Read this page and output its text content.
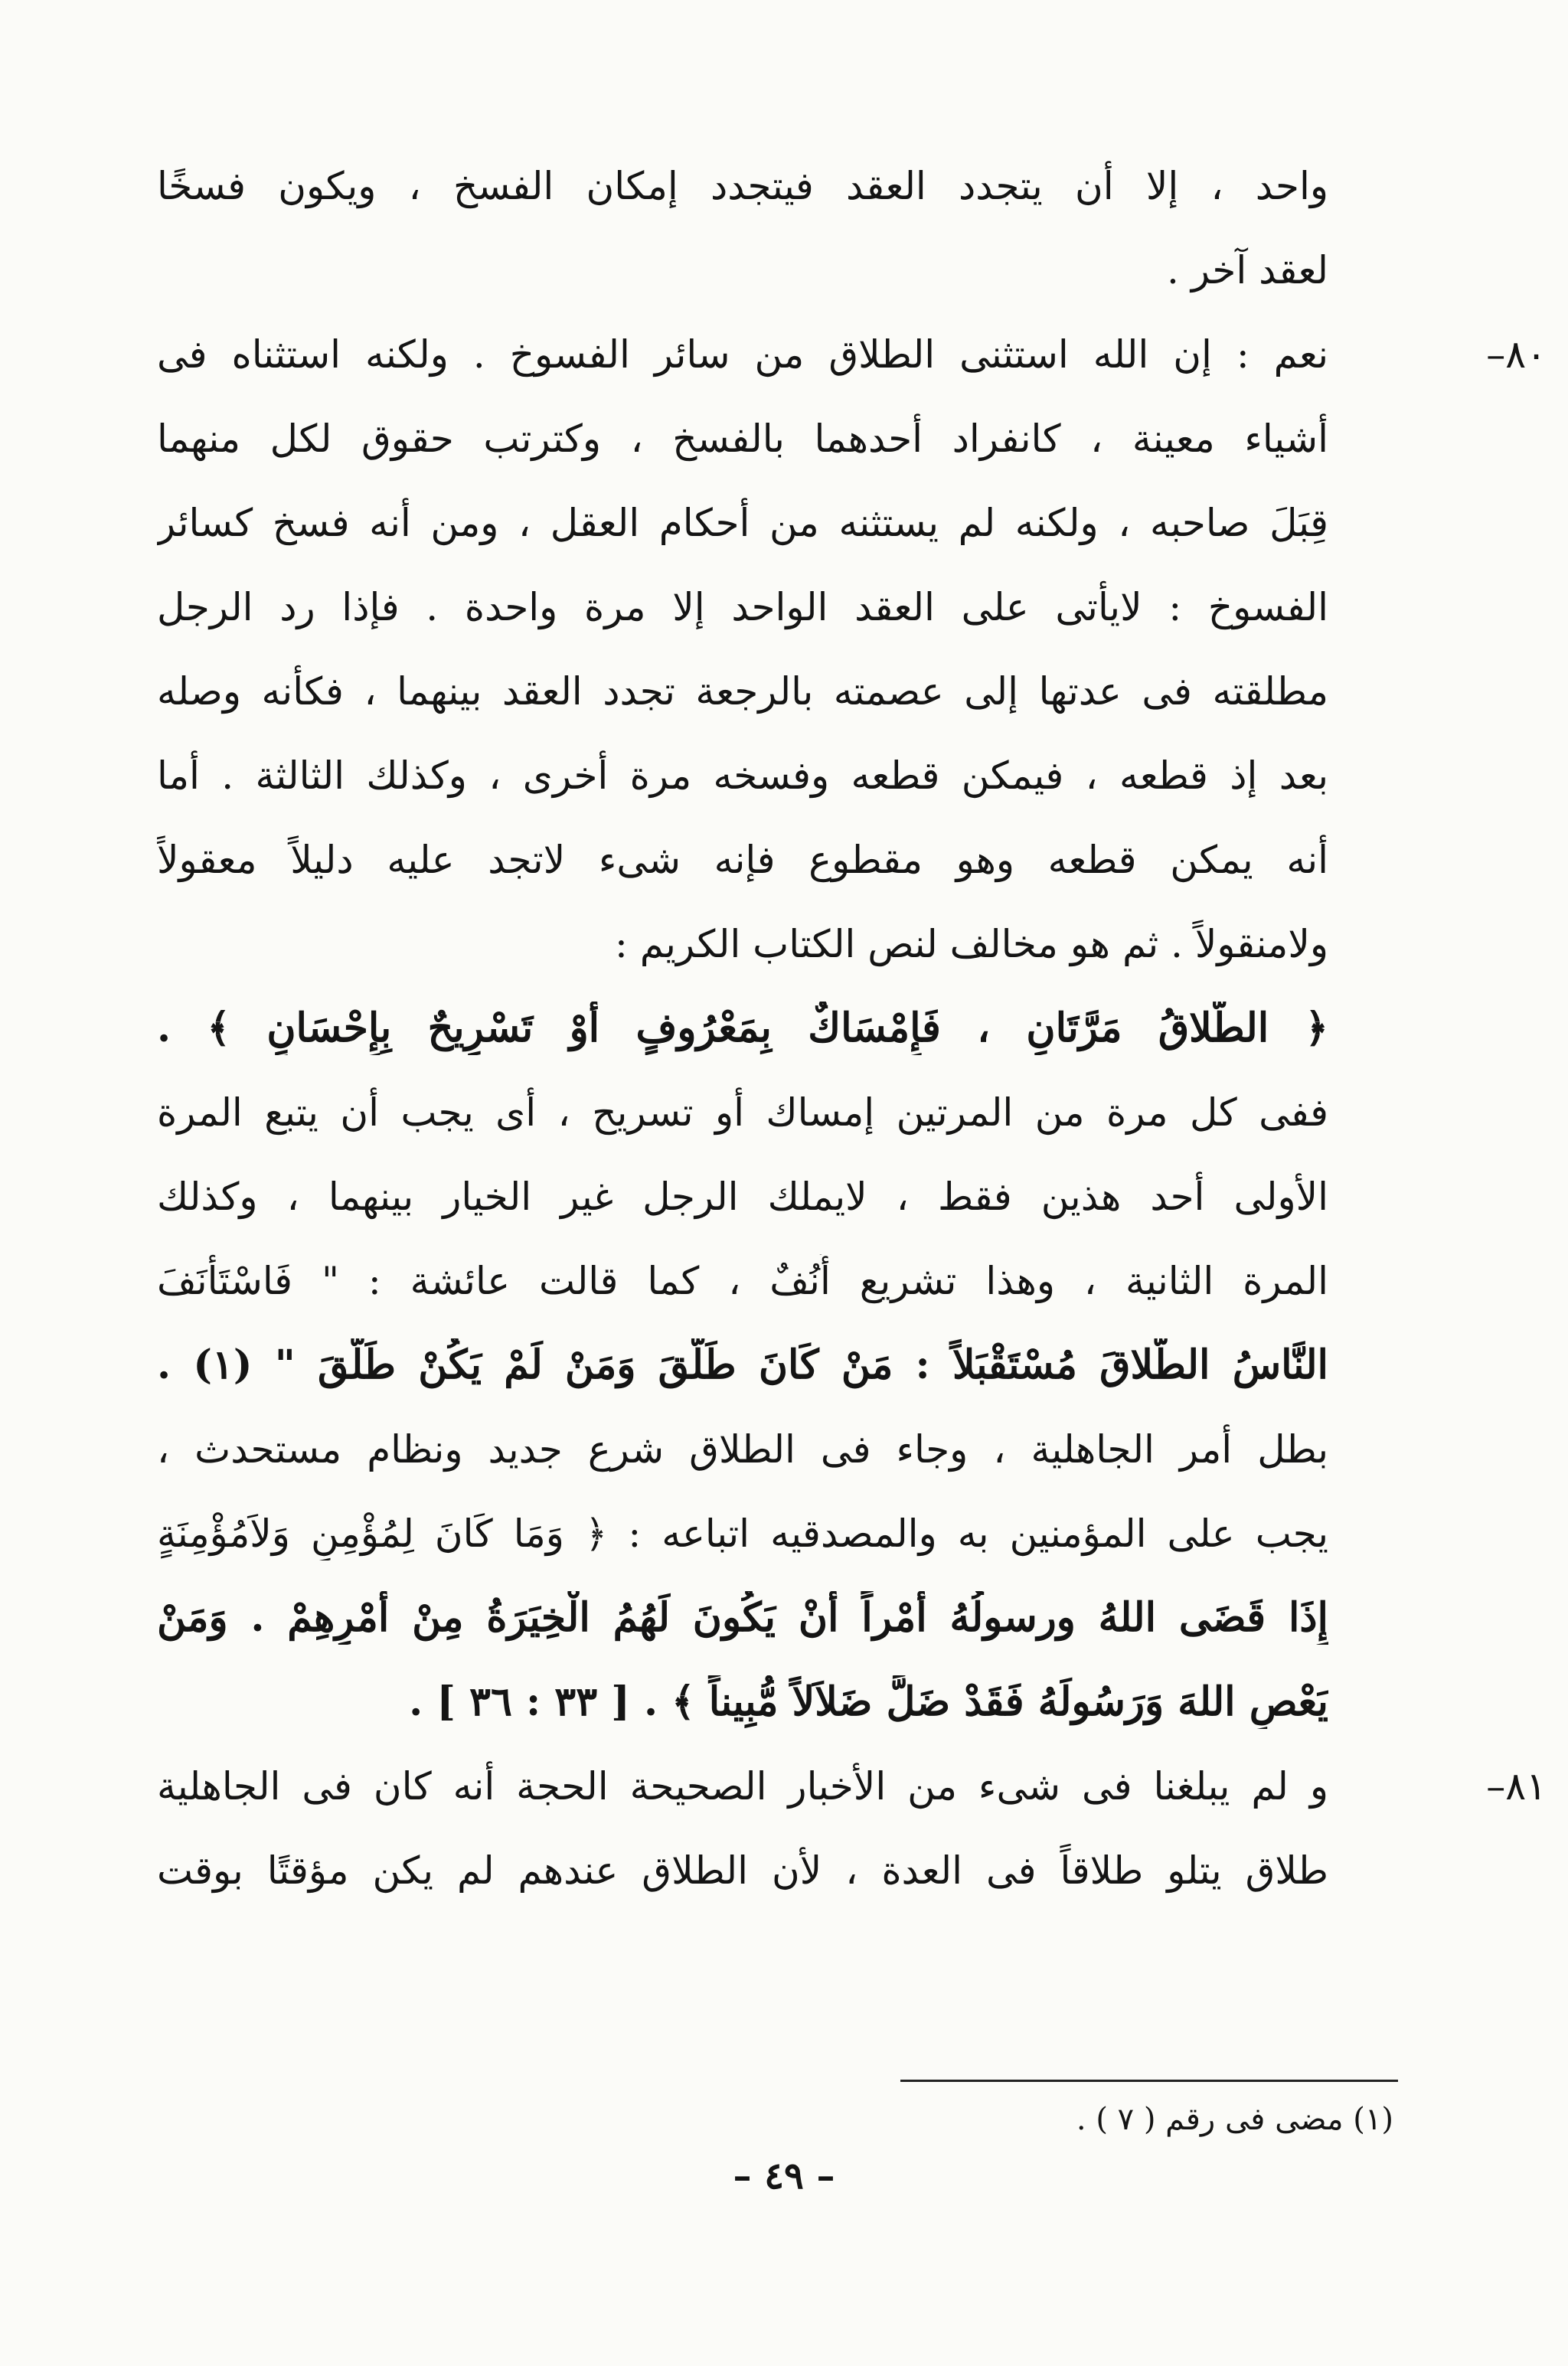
واحد ، إلا أن يتجدد العقد فيتجدد إمكان الفسخ ، ويكون فسخًا
لعقد آخر .
٨٠–
نعم : إن الله استثنى الطلاق من سائر الفسوخ . ولكنه استثناه فى
أشياء معينة ، كانفراد أحدهما بالفسخ ، وكترتب حقوق لكل منهما
قِبَلَ صاحبه ، ولكنه لم يستثنه من أحكام العقل ، ومن أنه فسخ كسائر
الفسوخ : لايأتى على العقد الواحد إلا مرة واحدة . فإذا رد الرجل
مطلقته فى عدتها إلى عصمته بالرجعة تجدد العقد بينهما ، فكأنه وصله
بعد إذ قطعه ، فيمكن قطعه وفسخه مرة أخرى ، وكذلك الثالثة . أما
أنه يمكن قطعه وهو مقطوع فإنه شىء لاتجد عليه دليلاً معقولاً
ولامنقولاً . ثم هو مخالف لنص الكتاب الكريم :
﴿ الطَّلاقُ مَرَّتَانِ ، فَإِمْسَاكٌ بِمَعْرُوفٍ أَوْ تَسْرِيحٌ بِإِحْسَانٍ ﴾ .
ففى كل مرة من المرتين إمساك أو تسريح ، أى يجب أن يتبع المرة
الأولى أحد هذين فقط ، لايملك الرجل غير الخيار بينهما ، وكذلك
المرة الثانية ، وهذا تشريع أُنُفٌ ، كما قالت عائشة : " فَاسْتَأْنَفَ
النَّاسُ الطَّلاقَ مُسْتَقْبَلاً : مَنْ كَانَ طَلَّقَ وَمَنْ لَمْ يَكُنْ طَلَّقَ " (١) .
بطل أمر الجاهلية ، وجاء فى الطلاق شرع جديد ونظام مستحدث ،
يجب على المؤمنين به والمصدقيه اتباعه : ﴿ وَمَا كَانَ لِمُؤْمِنٍ وَلاَمُؤْمِنَةٍ
إِذَا قَضَى اللهُ ورسولُهُ أَمْراً أَنْ يَكُونَ لَهُمُ الْخِيَرَةُ مِنْ أَمْرِهِمْ . وَمَنْ
يَعْصِ اللهَ وَرَسُولَهُ فَقَدْ ضَلَّ ضَلاَلاً مُّبِيناً ﴾ . [ ٣٣ : ٣٦ ] .
٨١–
و لم يبلغنا فى شىء من الأخبار الصحيحة الحجة أنه كان فى الجاهلية
طلاق يتلو طلاقاً فى العدة ، لأن الطلاق عندهم لم يكن مؤقتًا بوقت
(١) مضى فى رقم ( ٧ ) .
– ٤٩ –
